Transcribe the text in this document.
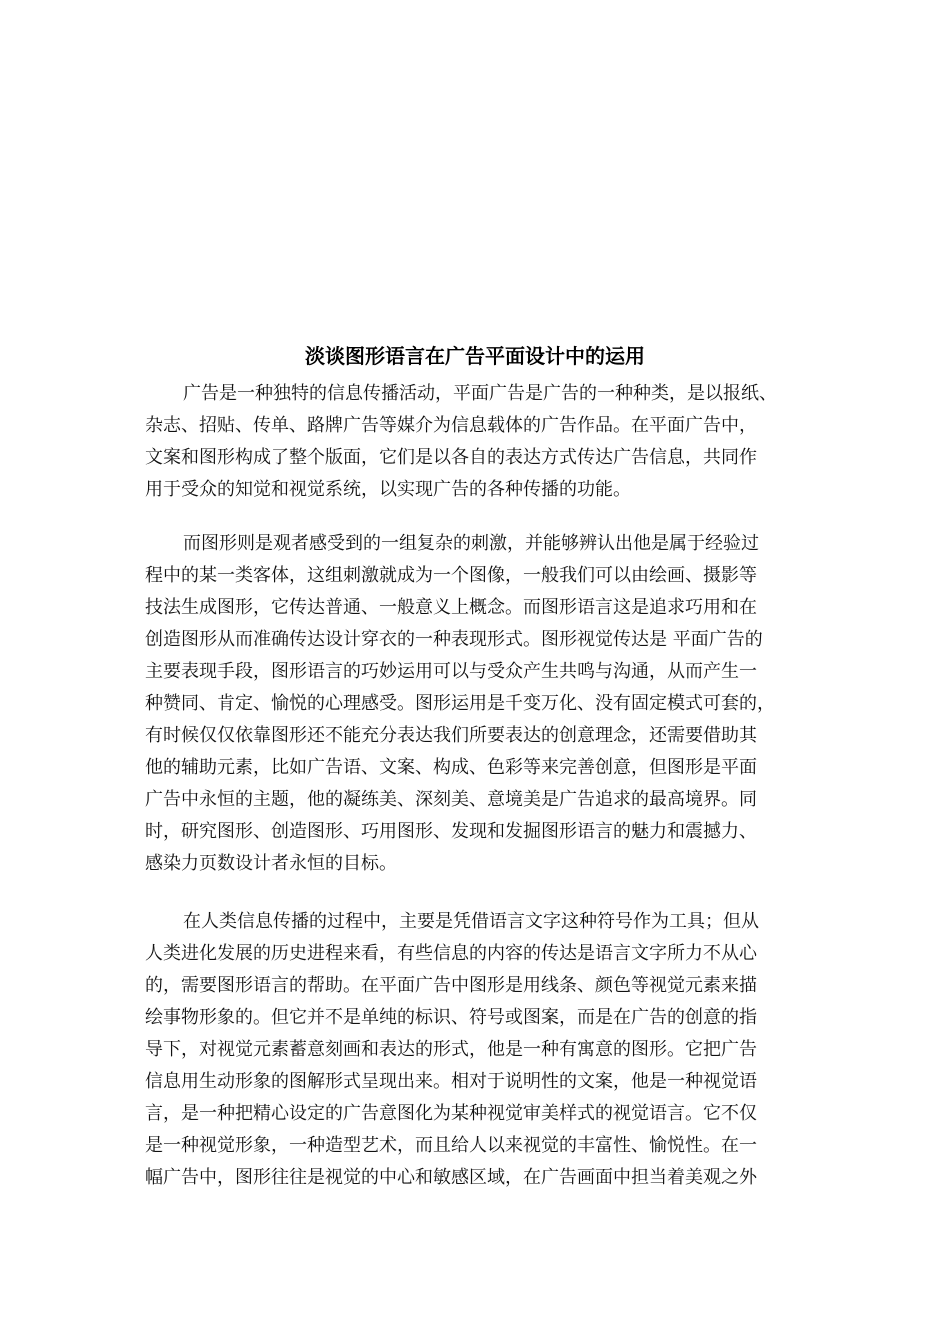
淡谈图形语言在广告平面设计中的运用
广告是一种独特的信息传播活动，平面广告是广告的一种种类，是以报纸、
杂志、招贴、传单、路牌广告等媒介为信息载体的广告作品。在平面广告中，
文案和图形构成了整个版面，它们是以各自的表达方式传达广告信息，共同作
用于受众的知觉和视觉系统，以实现广告的各种传播的功能。
而图形则是观者感受到的一组复杂的刺激，并能够辨认出他是属于经验过
程中的某一类客体，这组刺激就成为一个图像，一般我们可以由绘画、摄影等
技法生成图形，它传达普通、一般意义上概念。而图形语言这是追求巧用和在
创造图形从而准确传达设计穿衣的一种表现形式。图形视觉传达是 平面广告的
主要表现手段，图形语言的巧妙运用可以与受众产生共鸣与沟通，从而产生一
种赞同、肯定、愉悦的心理感受。图形运用是千变万化、没有固定模式可套的，
有时候仅仅依靠图形还不能充分表达我们所要表达的创意理念，还需要借助其
他的辅助元素，比如广告语、文案、构成、色彩等来完善创意，但图形是平面
广告中永恒的主题，他的凝练美、深刻美、意境美是广告追求的最高境界。同
时，研究图形、创造图形、巧用图形、发现和发掘图形语言的魅力和震撼力、
感染力页数设计者永恒的目标。
在人类信息传播的过程中，主要是凭借语言文字这种符号作为工具；但从
人类进化发展的历史进程来看，有些信息的内容的传达是语言文字所力不从心
的，需要图形语言的帮助。在平面广告中图形是用线条、颜色等视觉元素来描
绘事物形象的。但它并不是单纯的标识、符号或图案，而是在广告的创意的指
导下，对视觉元素蓄意刻画和表达的形式，他是一种有寓意的图形。它把广告
信息用生动形象的图解形式呈现出来。相对于说明性的文案，他是一种视觉语
言，是一种把精心设定的广告意图化为某种视觉审美样式的视觉语言。它不仅
是一种视觉形象，一种造型艺术，而且给人以来视觉的丰富性、愉悦性。在一
幅广告中，图形往往是视觉的中心和敏感区域，在广告画面中担当着美观之外
